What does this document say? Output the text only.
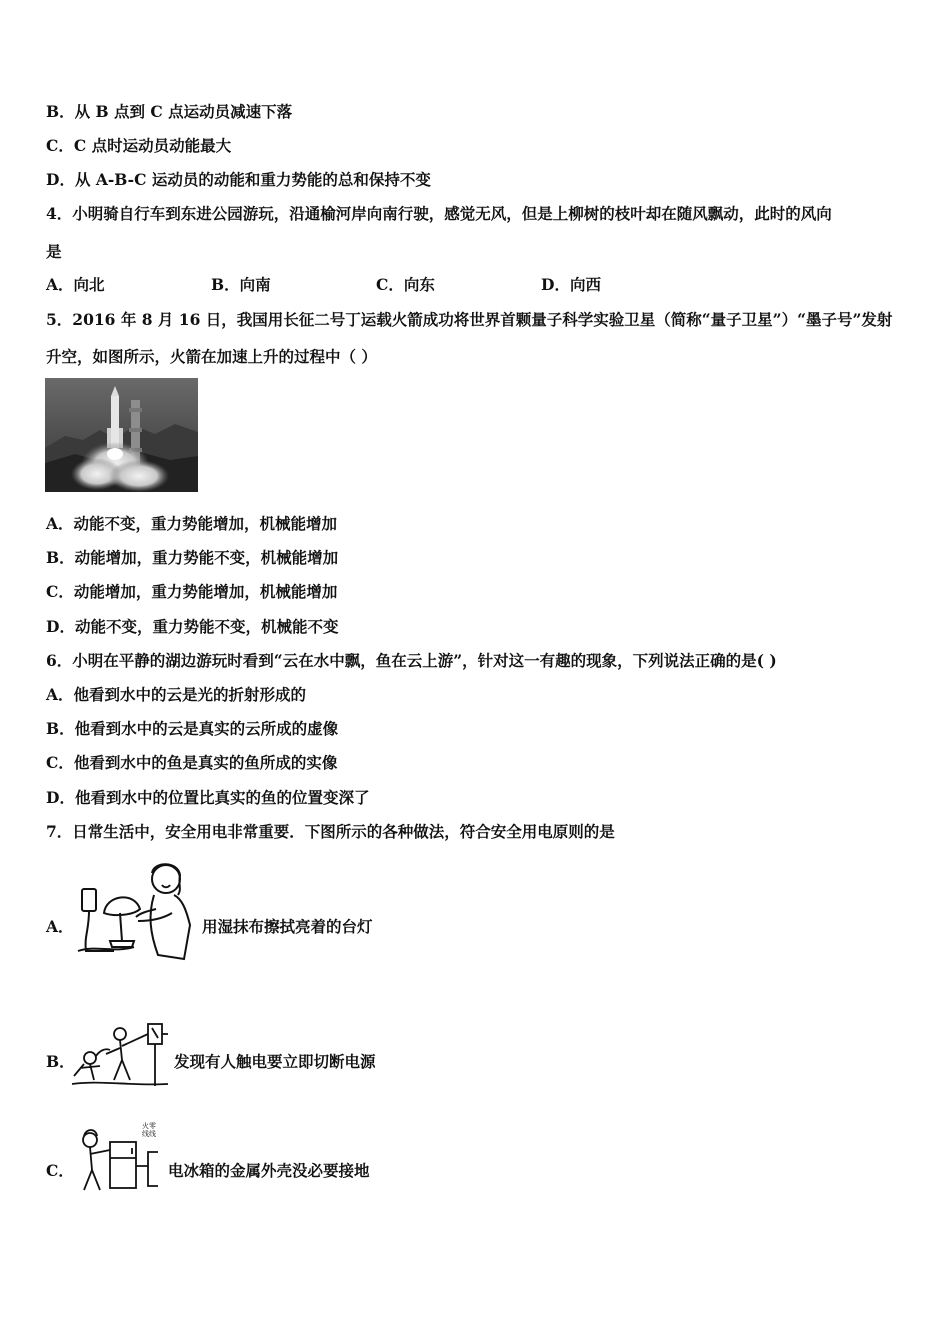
B．从 B 点到 C 点运动员减速下落
C．C 点时运动员动能最大
D．从 A-B-C 运动员的动能和重力势能的总和保持不变
4．小明骑自行车到东进公园游玩，沿通榆河岸向南行驶，感觉无风，但是上柳树的枝叶却在随风飘动，此时的风向
是
A．向北	B．向南	C．向东	D．向西
5．2016 年 8 月 16 日，我国用长征二号丁运载火箭成功将世界首颗量子科学实验卫星（简称“量子卫星”）“墨子号”发射
升空，如图所示，火箭在加速上升的过程中（ ）
A．动能不变，重力势能增加，机械能增加
B．动能增加，重力势能不变，机械能增加
C．动能增加，重力势能增加，机械能增加
D．动能不变，重力势能不变，机械能不变
6．小明在平静的湖边游玩时看到“云在水中飘，鱼在云上游”，针对这一有趣的现象，下列说法正确的是( )
A．他看到水中的云是光的折射形成的
B．他看到水中的云是真实的云所成的虚像
C．他看到水中的鱼是真实的鱼所成的实像
D．他看到水中的位置比真实的鱼的位置变深了
7．日常生活中，安全用电非常重要．下图所示的各种做法，符合安全用电原则的是
A．	用湿抹布擦拭亮着的台灯
B．	发现有人触电要立即切断电源
C．
火零
线线
电冰箱的金属外壳没必要接地
